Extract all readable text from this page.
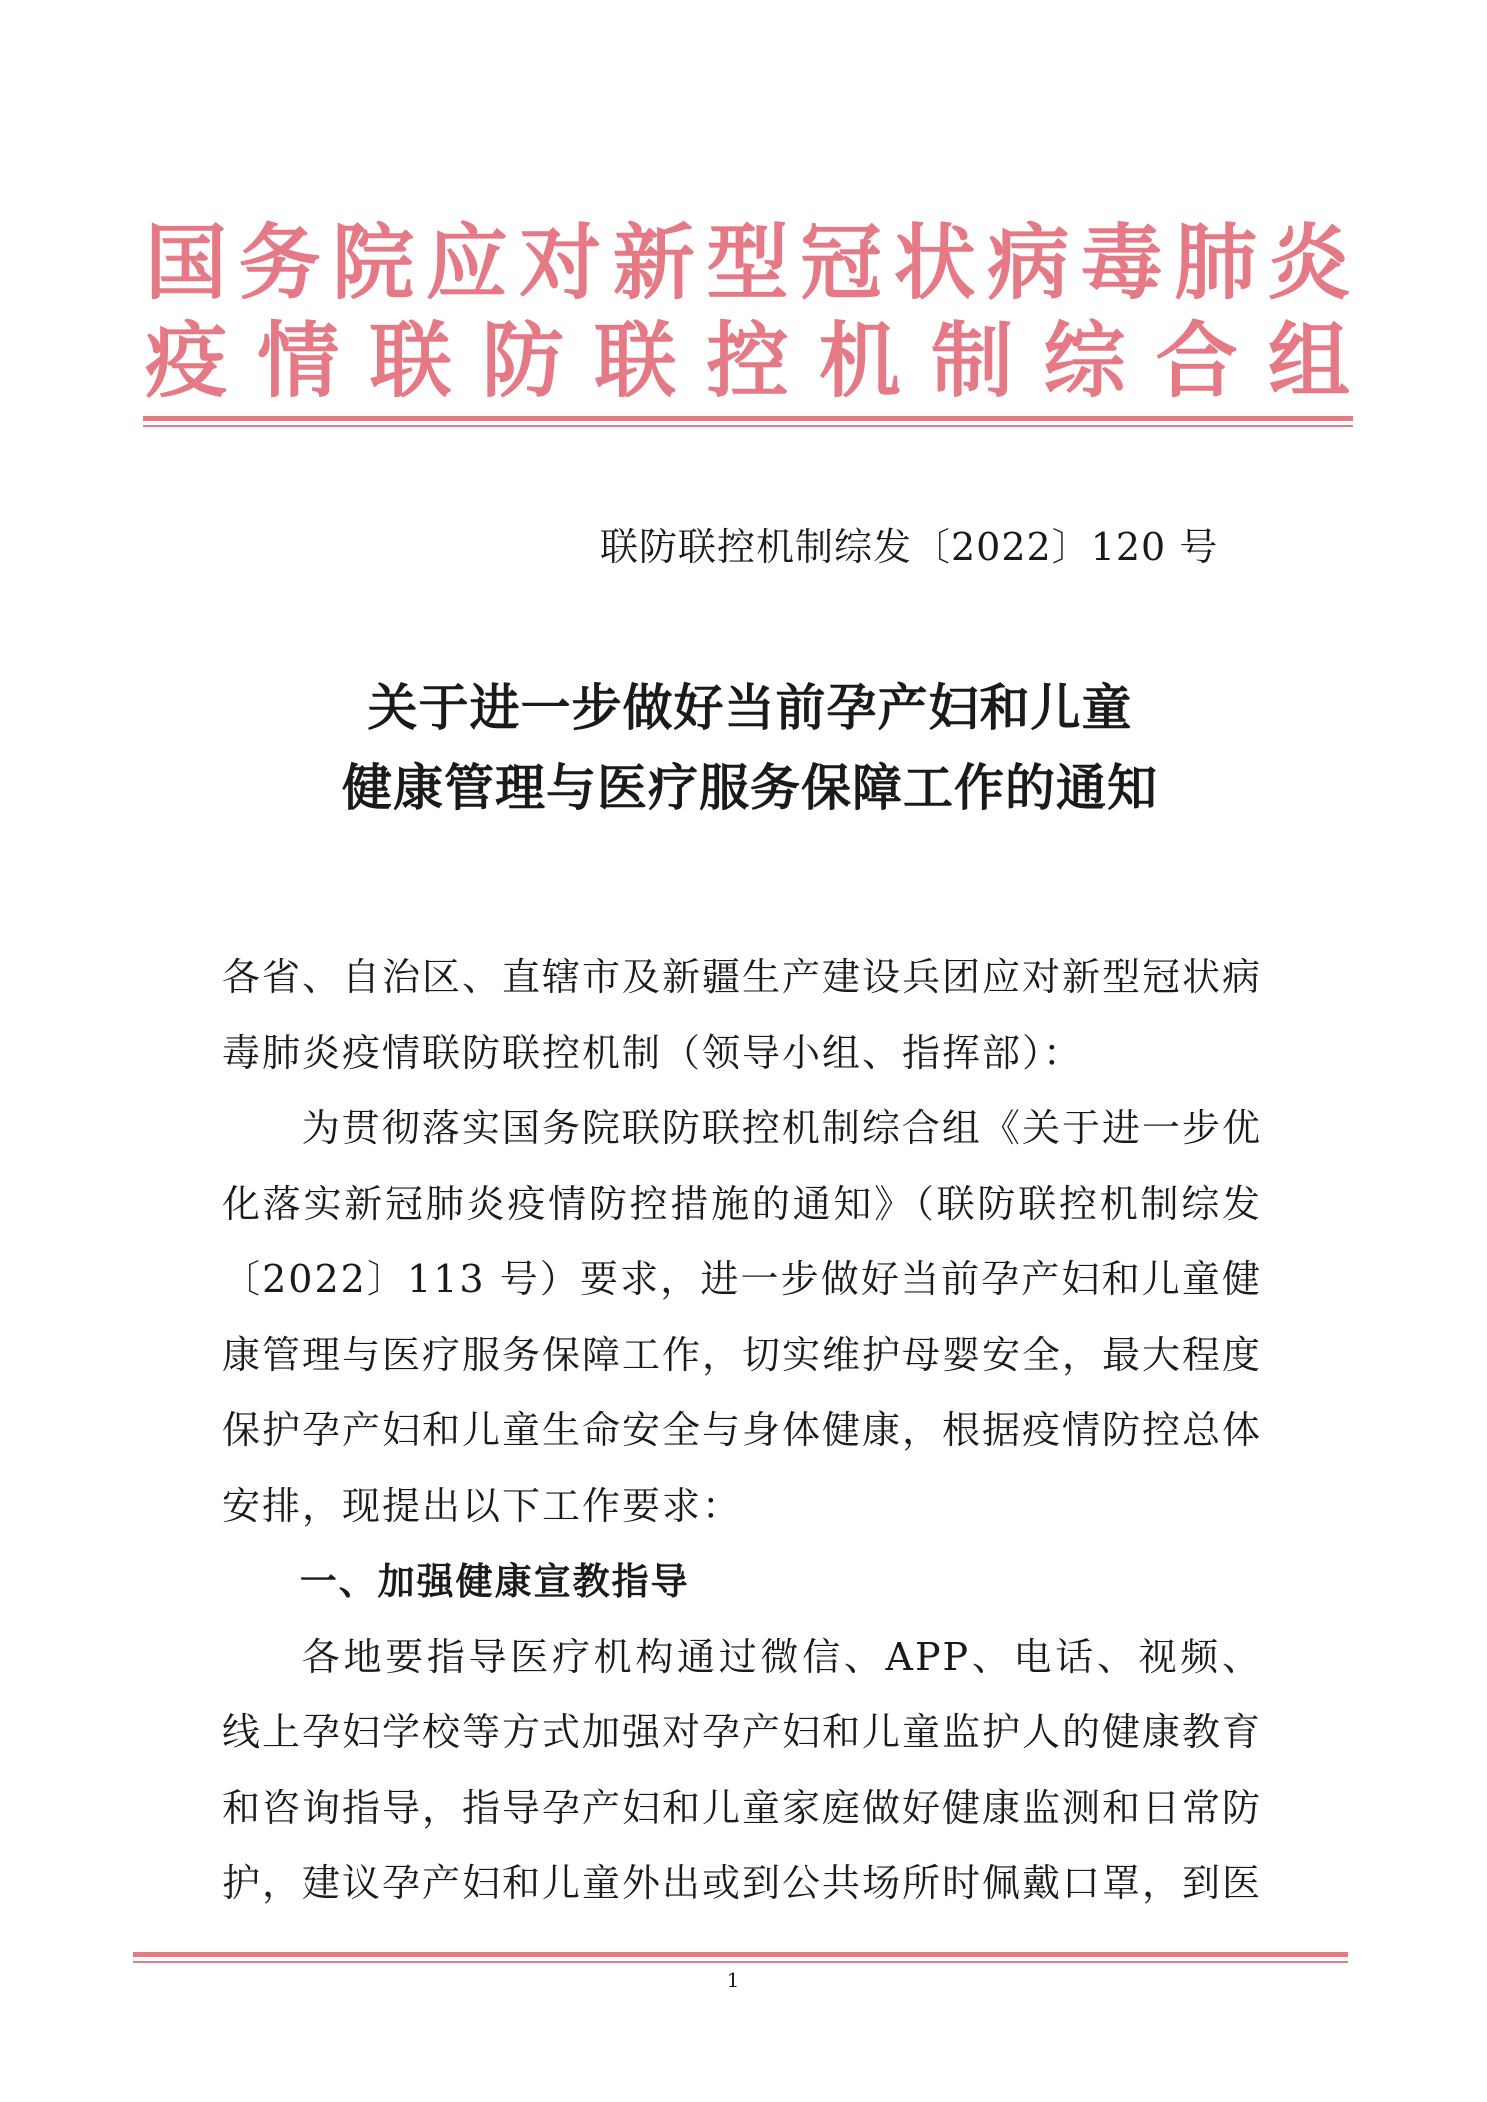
国 务 院 应 对 新 型 冠 状 病 毒 肺 炎
疫 情 联 防 联 控 机 制 综 合 组
联防联控机制综发〔2022〕120 号
关于进一步做好当前孕产妇和儿童
健康管理与医疗服务保障工作的通知

各省、自治区、直辖市及新疆生产建设兵团应对新型冠状病毒肺炎疫情联防联控机制（领导小组、指挥部）：

为贯彻落实国务院联防联控机制综合组《关于进一步优化落实新冠肺炎疫情防控措施的通知》（联防联控机制综发〔2022〕113 号）要求，进一步做好当前孕产妇和儿童健康管理与医疗服务保障工作，切实维护母婴安全，最大程度保护孕产妇和儿童生命安全与身体健康，根据疫情防控总体安排，现提出以下工作要求：

一、加强健康宣教指导

各地要指导医疗机构通过微信、APP、电话、视频、线上孕妇学校等方式加强对孕产妇和儿童监护人的健康教育和咨询指导，指导孕产妇和儿童家庭做好健康监测和日常防护，建议孕产妇和儿童外出或到公共场所时佩戴口罩，到医

1
